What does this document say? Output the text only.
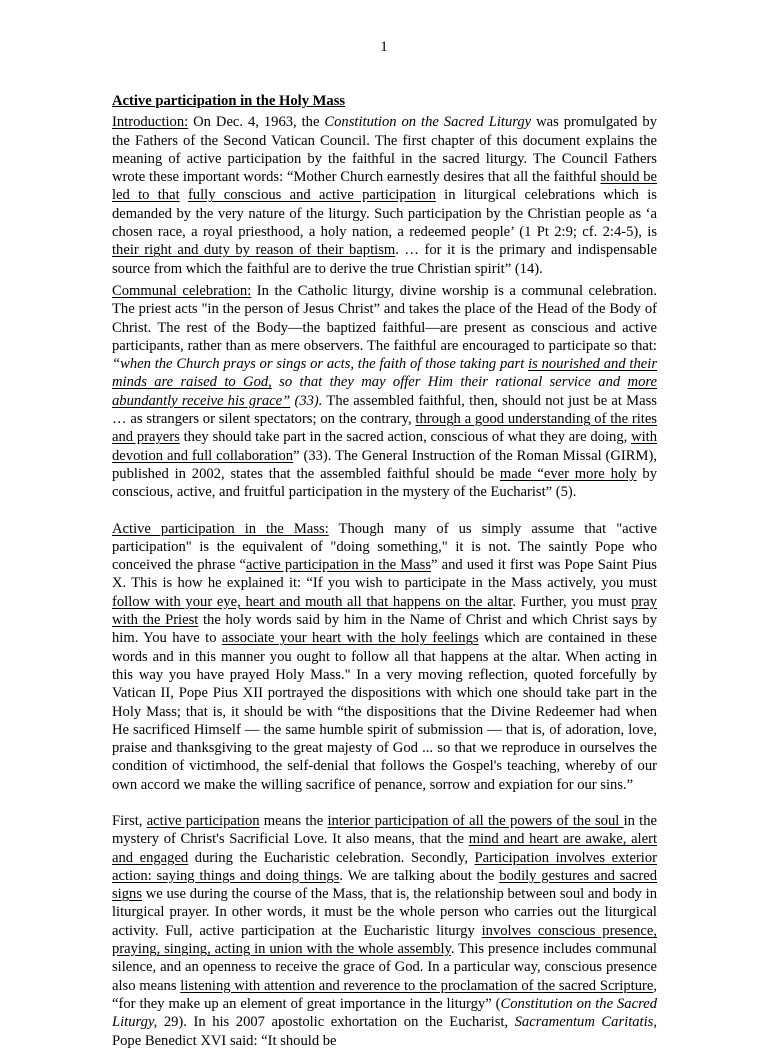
1

Active participation in the Holy Mass

Introduction: On Dec. 4, 1963, the Constitution on the Sacred Liturgy was promulgated by the Fathers of the Second Vatican Council. The first chapter of this document explains the meaning of active participation by the faithful in the sacred liturgy. The Council Fathers wrote these important words: “Mother Church earnestly desires that all the faithful should be led to that fully conscious and active participation in liturgical celebrations which is demanded by the very nature of the liturgy. Such participation by the Christian people as ‘a chosen race, a royal priesthood, a holy nation, a redeemed people’ (1 Pt 2:9; cf. 2:4-5), is their right and duty by reason of their baptism. … for it is the primary and indispensable source from which the faithful are to derive the true Christian spirit” (14).

Communal celebration: In the Catholic liturgy, divine worship is a communal celebration. The priest acts "in the person of Jesus Christ” and takes the place of the Head of the Body of Christ. The rest of the Body—the baptized faithful—are present as conscious and active participants, rather than as mere observers. The faithful are encouraged to participate so that: “when the Church prays or sings or acts, the faith of those taking part is nourished and their minds are raised to God, so that they may offer Him their rational service and more abundantly receive his grace” (33). The assembled faithful, then, should not just be at Mass … as strangers or silent spectators; on the contrary, through a good understanding of the rites and prayers they should take part in the sacred action, conscious of what they are doing, with devotion and full collaboration” (33). The General Instruction of the Roman Missal (GIRM), published in 2002, states that the assembled faithful should be made “ever more holy by conscious, active, and fruitful participation in the mystery of the Eucharist” (5).

Active participation in the Mass: Though many of us simply assume that "active participation" is the equivalent of "doing something," it is not. The saintly Pope who conceived the phrase “active participation in the Mass” and used it first was Pope Saint Pius X. This is how he explained it: “If you wish to participate in the Mass actively, you must follow with your eye, heart and mouth all that happens on the altar. Further, you must pray with the Priest the holy words said by him in the Name of Christ and which Christ says by him. You have to associate your heart with the holy feelings which are contained in these words and in this manner you ought to follow all that happens at the altar. When acting in this way you have prayed Holy Mass." In a very moving reflection, quoted forcefully by Vatican II, Pope Pius XII portrayed the dispositions with which one should take part in the Holy Mass; that is, it should be with “the dispositions that the Divine Redeemer had when He sacrificed Himself — the same humble spirit of submission — that is, of adoration, love, praise and thanksgiving to the great majesty of God ... so that we reproduce in ourselves the condition of victimhood, the self-denial that follows the Gospel's teaching, whereby of our own accord we make the willing sacrifice of penance, sorrow and expiation for our sins.”

First, active participation means the interior participation of all the powers of the soul in the mystery of Christ's Sacrificial Love. It also means, that the mind and heart are awake, alert and engaged during the Eucharistic celebration. Secondly, Participation involves exterior action: saying things and doing things. We are talking about the bodily gestures and sacred signs we use during the course of the Mass, that is, the relationship between soul and body in liturgical prayer. In other words, it must be the whole person who carries out the liturgical activity. Full, active participation at the Eucharistic liturgy involves conscious presence, praying, singing, acting in union with the whole assembly. This presence includes communal silence, and an openness to receive the grace of God. In a particular way, conscious presence also means listening with attention and reverence to the proclamation of the sacred Scripture, “for they make up an element of great importance in the liturgy” (Constitution on the Sacred Liturgy, 29). In his 2007 apostolic exhortation on the Eucharist, Sacramentum Caritatis, Pope Benedict XVI said: “It should be
